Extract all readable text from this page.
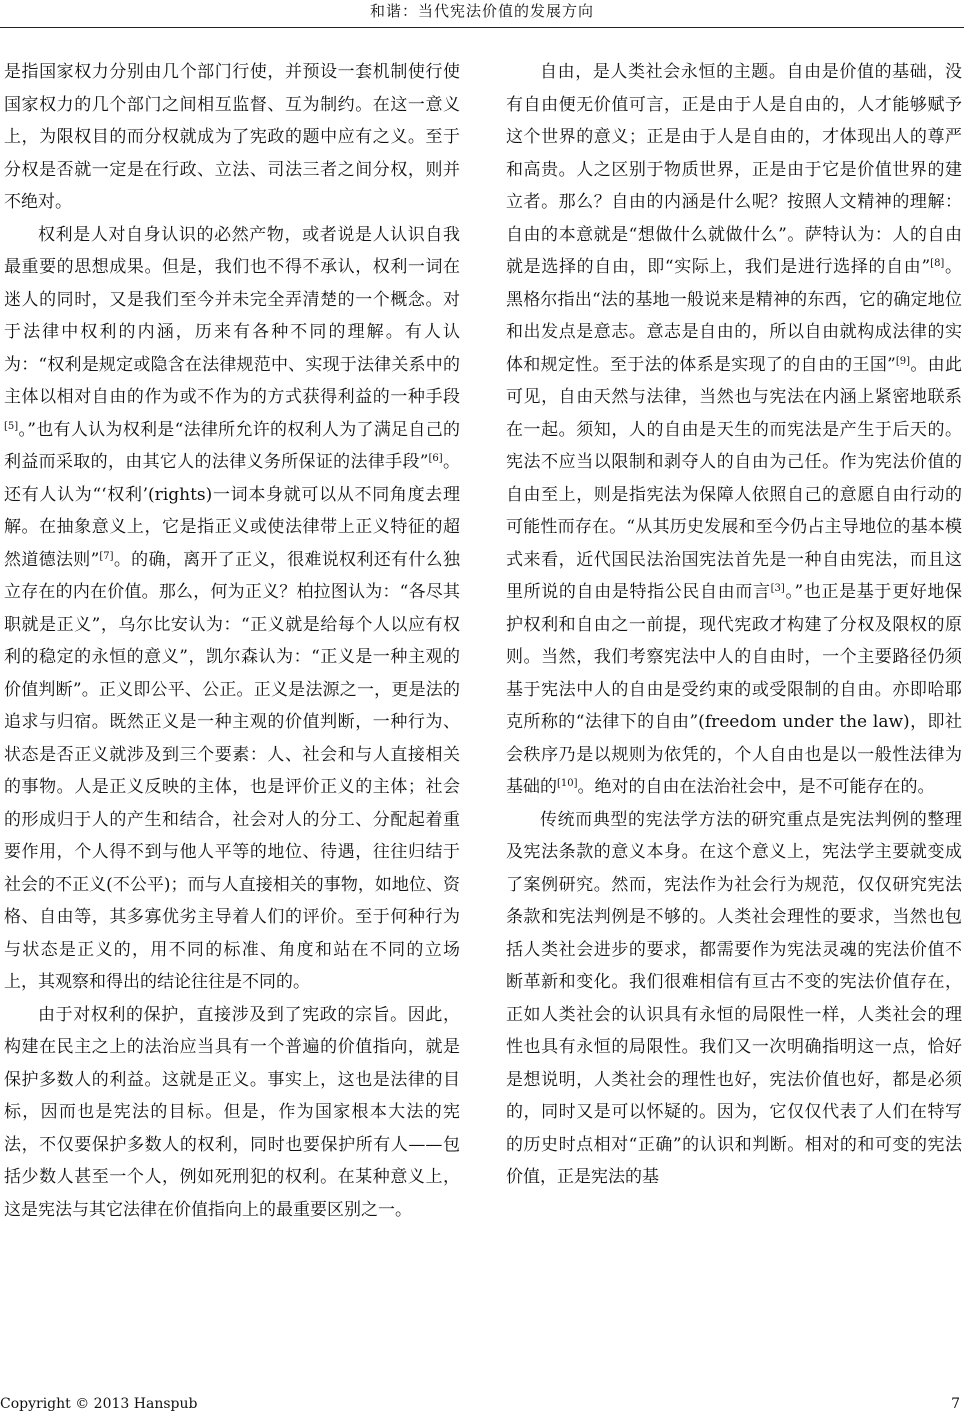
和谐：当代宪法价值的发展方向

是指国家权力分别由几个部门行使，并预设一套机制使行使国家权力的几个部门之间相互监督、互为制约。在这一意义上，为限权目的而分权就成为了宪政的题中应有之义。至于分权是否就一定是在行政、立法、司法三者之间分权，则并不绝对。

权利是人对自身认识的必然产物，或者说是人认识自我最重要的思想成果。但是，我们也不得不承认，权利一词在迷人的同时，又是我们至今并未完全弄清楚的一个概念。对于法律中权利的内涵，历来有各种不同的理解。有人认为：“权利是规定或隐含在法律规范中、实现于法律关系中的主体以相对自由的作为或不作为的方式获得利益的一种手段[5]。”也有人认为权利是“法律所允许的权利人为了满足自己的利益而采取的，由其它人的法律义务所保证的法律手段”[6]。还有人认为“‘权利’(rights)一词本身就可以从不同角度去理解。在抽象意义上，它是指正义或使法律带上正义特征的超然道德法则”[7]。的确，离开了正义，很难说权利还有什么独立存在的内在价值。那么，何为正义？柏拉图认为：“各尽其职就是正义”，乌尔比安认为：“正义就是给每个人以应有权利的稳定的永恒的意义”，凯尔森认为：“正义是一种主观的价值判断”。正义即公平、公正。正义是法源之一，更是法的追求与归宿。既然正义是一种主观的价值判断，一种行为、状态是否正义就涉及到三个要素：人、社会和与人直接相关的事物。人是正义反映的主体，也是评价正义的主体；社会的形成归于人的产生和结合，社会对人的分工、分配起着重要作用，个人得不到与他人平等的地位、待遇，往往归结于社会的不正义(不公平)；而与人直接相关的事物，如地位、资格、自由等，其多寡优劣主导着人们的评价。至于何种行为与状态是正义的，用不同的标准、角度和站在不同的立场上，其观察和得出的结论往往是不同的。

由于对权利的保护，直接涉及到了宪政的宗旨。因此，构建在民主之上的法治应当具有一个普遍的价值指向，就是保护多数人的利益。这就是正义。事实上，这也是法律的目标，因而也是宪法的目标。但是，作为国家根本大法的宪法，不仅要保护多数人的权利，同时也要保护所有人——包括少数人甚至一个人，例如死刑犯的权利。在某种意义上，这是宪法与其它法律在价值指向上的最重要区别之一。

自由，是人类社会永恒的主题。自由是价值的基础，没有自由便无价值可言，正是由于人是自由的，人才能够赋予这个世界的意义；正是由于人是自由的，才体现出人的尊严和高贵。人之区别于物质世界，正是由于它是价值世界的建立者。那么？自由的内涵是什么呢？按照人文精神的理解：自由的本意就是“想做什么就做什么”。萨特认为：人的自由就是选择的自由，即“实际上，我们是进行选择的自由”[8]。黑格尔指出“法的基地一般说来是精神的东西，它的确定地位和出发点是意志。意志是自由的，所以自由就构成法律的实体和规定性。至于法的体系是实现了的自由的王国”[9]。由此可见，自由天然与法律，当然也与宪法在内涵上紧密地联系在一起。须知，人的自由是天生的而宪法是产生于后天的。宪法不应当以限制和剥夺人的自由为己任。作为宪法价值的自由至上，则是指宪法为保障人依照自己的意愿自由行动的可能性而存在。“从其历史发展和至今仍占主导地位的基本模式来看，近代国民法治国宪法首先是一种自由宪法，而且这里所说的自由是特指公民自由而言[3]。”也正是基于更好地保护权利和自由之一前提，现代宪政才构建了分权及限权的原则。当然，我们考察宪法中人的自由时，一个主要路径仍须基于宪法中人的自由是受约束的或受限制的自由。亦即哈耶克所称的“法律下的自由”(freedom under the law)，即社会秩序乃是以规则为依凭的，个人自由也是以一般性法律为基础的[10]。绝对的自由在法治社会中，是不可能存在的。

传统而典型的宪法学方法的研究重点是宪法判例的整理及宪法条款的意义本身。在这个意义上，宪法学主要就变成了案例研究。然而，宪法作为社会行为规范，仅仅研究宪法条款和宪法判例是不够的。人类社会理性的要求，当然也包括人类社会进步的要求，都需要作为宪法灵魂的宪法价值不断革新和变化。我们很难相信有亘古不变的宪法价值存在，正如人类社会的认识具有永恒的局限性一样，人类社会的理性也具有永恒的局限性。我们又一次明确指明这一点，恰好是想说明，人类社会的理性也好，宪法价值也好，都是必须的，同时又是可以怀疑的。因为，它仅仅代表了人们在特写的历史时点相对“正确”的认识和判断。相对的和可变的宪法价值，正是宪法的基

Copyright © 2013 Hanspub	7
